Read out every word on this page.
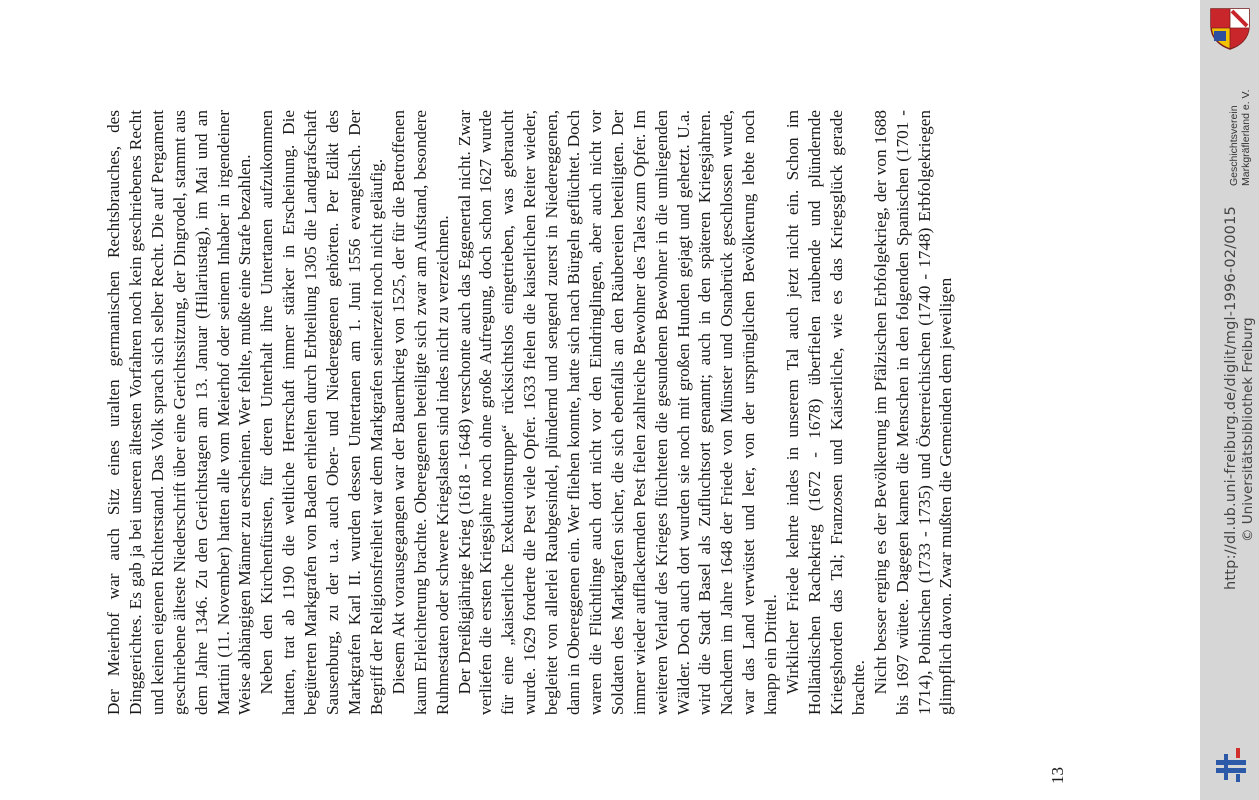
Der Meierhof war auch Sitz eines uralten germanischen Rechtsbrauches, des Dinggerichtes. Es gab ja bei unseren ältesten Vorfahren noch kein geschriebenes Recht und keinen eigenen Richterstand. Das Volk sprach sich selber Recht. Die auf Pergament geschriebene älteste Niederschrift über eine Gerichtssitzung, der Dingrodel, stammt aus dem Jahre 1346. Zu den Gerichtstagen am 13. Januar (Hilariustag), im Mai und an Martini (11. November) hatten alle vom Meierhof oder seinem Inhaber in irgendeiner Weise abhängigen Männer zu erscheinen. Wer fehlte, mußte eine Strafe bezahlen. Neben den Kirchenfürsten, für deren Unterhalt ihre Untertanen aufzukommen hatten, trat ab 1190 die weltliche Herrschaft immer stärker in Erscheinung. Die begüterten Markgrafen von Baden erhielten durch Erbteilung 1305 die Landgrafschaft Sausenburg, zu der u.a. auch Ober- und Niedereggenen gehörten. Per Edikt des Markgrafen Karl II. wurden dessen Untertanen am 1. Juni 1556 evangelisch. Der Begriff der Religionsfreiheit war dem Markgrafen seinerzeit noch nicht geläufig. Diesem Akt vorausgegangen war der Bauernkrieg von 1525, der für die Betroffenen kaum Erleichterung brachte. Obereggenen beteiligte sich zwar am Aufstand, besondere Ruhmestaten oder schwere Kriegslasten sind indes nicht zu verzeichnen. Der Dreißigjährige Krieg (1618 - 1648) verschonte auch das Eggenertal nicht. Zwar verliefen die ersten Kriegsjahre noch ohne große Aufregung, doch schon 1627 wurde für eine „kaiserliche Exekutionstruppe“ rücksichtslos eingetrieben, was gebraucht wurde. 1629 forderte die Pest viele Opfer. 1633 fielen die kaiserlichen Reiter wieder, begleitet von allerlei Raubgesindel, plündernd und sengend zuerst in Niedereggenen, dann in Obereggenen ein. Wer fliehen konnte, hatte sich nach Bürgeln geflüchtet. Doch waren die Flüchtlinge auch dort nicht vor den Eindringlingen, aber auch nicht vor Soldaten des Markgrafen sicher, die sich ebenfalls an den Räubereien beteiligten. Der immer wieder aufflackernden Pest fielen zahlreiche Bewohner des Tales zum Opfer. Im weiteren Verlauf des Krieges flüchteten die gesundenen Bewohner in die umliegenden Wälder. Doch auch dort wurden sie noch mit großen Hunden gejagt und gehetzt. U.a. wird die Stadt Basel als Zufluchtsort genannt; auch in den späteren Kriegsjahren. Nachdem im Jahre 1648 der Friede von Münster und Osnabrück geschlossen wurde, war das Land verwüstet und leer, von der ursprünglichen Bevölkerung lebte noch knapp ein Drittel. Wirklicher Friede kehrte indes in unserem Tal auch jetzt nicht ein. Schon im Holländischen Rachekrieg (1672 - 1678) überfielen raubende und plündernde Kriegshorden das Tal; Franzosen und Kaiserliche, wie es das Kriegsglück gerade brachte. Nicht besser erging es der Bevölkerung im Pfälzischen Erbfolgekrieg, der von 1688 bis 1697 wütete. Dagegen kamen die Menschen in den folgenden Spanischen (1701 - 1714), Polnischen (1733 - 1735) und Österreichischen (1740 - 1748) Erbfolgekriegen glimpflich davon. Zwar mußten die Gemeinden dem jeweiligen

13
Geschichtsverein Markgräflerland e. V.
http://dl.ub.uni-freiburg.de/diglit/mgl-1996-02/0015 © Universitätsbibliothek Freiburg
